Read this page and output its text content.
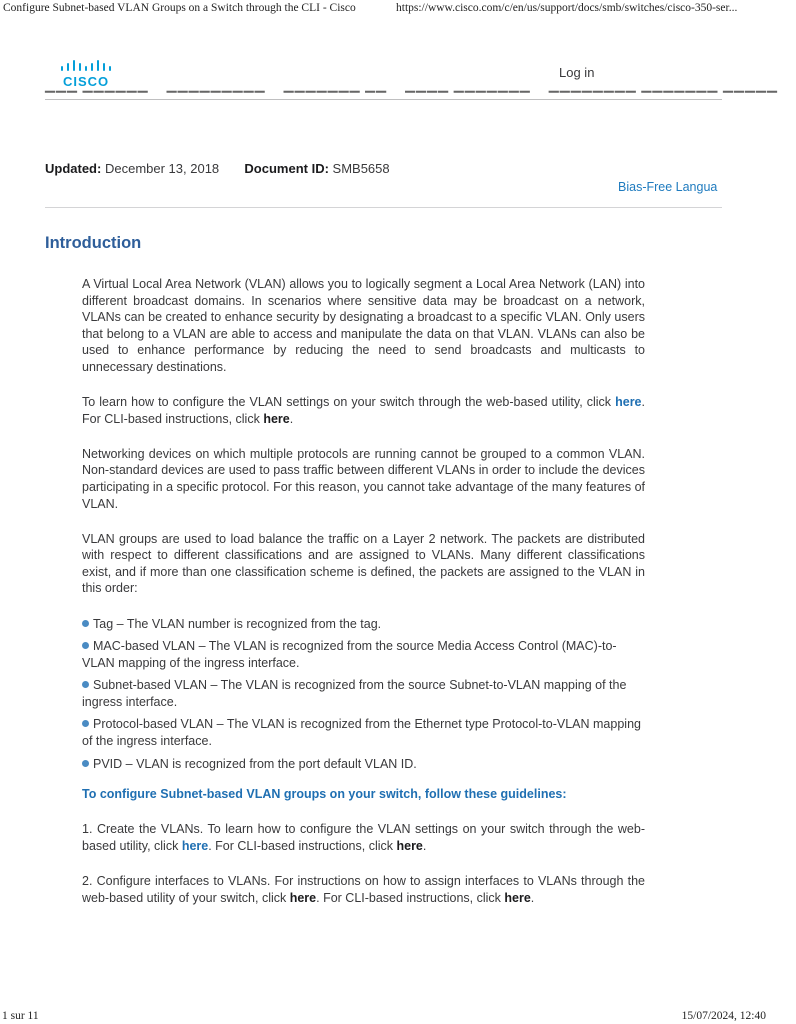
Configure Subnet-based VLAN Groups on a Switch through the CLI - Cisco	https://www.cisco.com/c/en/us/support/docs/smb/switches/cisco-350-ser...
CISCO
Log in
▔▔▔ ▔▔▔▔▔▔ ▔▔▔▔▔▔▔▔▔ ▔▔▔▔▔▔▔ ▔▔ ▔▔▔▔ ▔▔▔▔▔▔▔ ▔▔▔▔▔▔▔▔ ▔▔▔▔▔▔▔ ▔▔▔▔▔
Updated: December 13, 2018 Document ID: SMB5658
Bias-Free Langua
Introduction

A Virtual Local Area Network (VLAN) allows you to logically segment a Local Area Network (LAN) into different broadcast domains. In scenarios where sensitive data may be broadcast on a network, VLANs can be created to enhance security by designating a broadcast to a specific VLAN. Only users that belong to a VLAN are able to access and manipulate the data on that VLAN. VLANs can also be used to enhance performance by reducing the need to send broadcasts and multicasts to unnecessary destinations.

To learn how to configure the VLAN settings on your switch through the web-based utility, click here. For CLI-based instructions, click here.

Networking devices on which multiple protocols are running cannot be grouped to a common VLAN. Non-standard devices are used to pass traffic between different VLANs in order to include the devices participating in a specific protocol. For this reason, you cannot take advantage of the many features of VLAN.

VLAN groups are used to load balance the traffic on a Layer 2 network. The packets are distributed with respect to different classifications and are assigned to VLANs. Many different classifications exist, and if more than one classification scheme is defined, the packets are assigned to the VLAN in this order:

Tag – The VLAN number is recognized from the tag.
MAC-based VLAN – The VLAN is recognized from the source Media Access Control (MAC)-to-VLAN mapping of the ingress interface.
Subnet-based VLAN – The VLAN is recognized from the source Subnet-to-VLAN mapping of the ingress interface.
Protocol-based VLAN – The VLAN is recognized from the Ethernet type Protocol-to-VLAN mapping of the ingress interface.
PVID – VLAN is recognized from the port default VLAN ID.

To configure Subnet-based VLAN groups on your switch, follow these guidelines:

1. Create the VLANs. To learn how to configure the VLAN settings on your switch through the web-based utility, click here. For CLI-based instructions, click here.

2. Configure interfaces to VLANs. For instructions on how to assign interfaces to VLANs through the web-based utility of your switch, click here. For CLI-based instructions, click here.

1 sur 11	15/07/2024, 12:40
